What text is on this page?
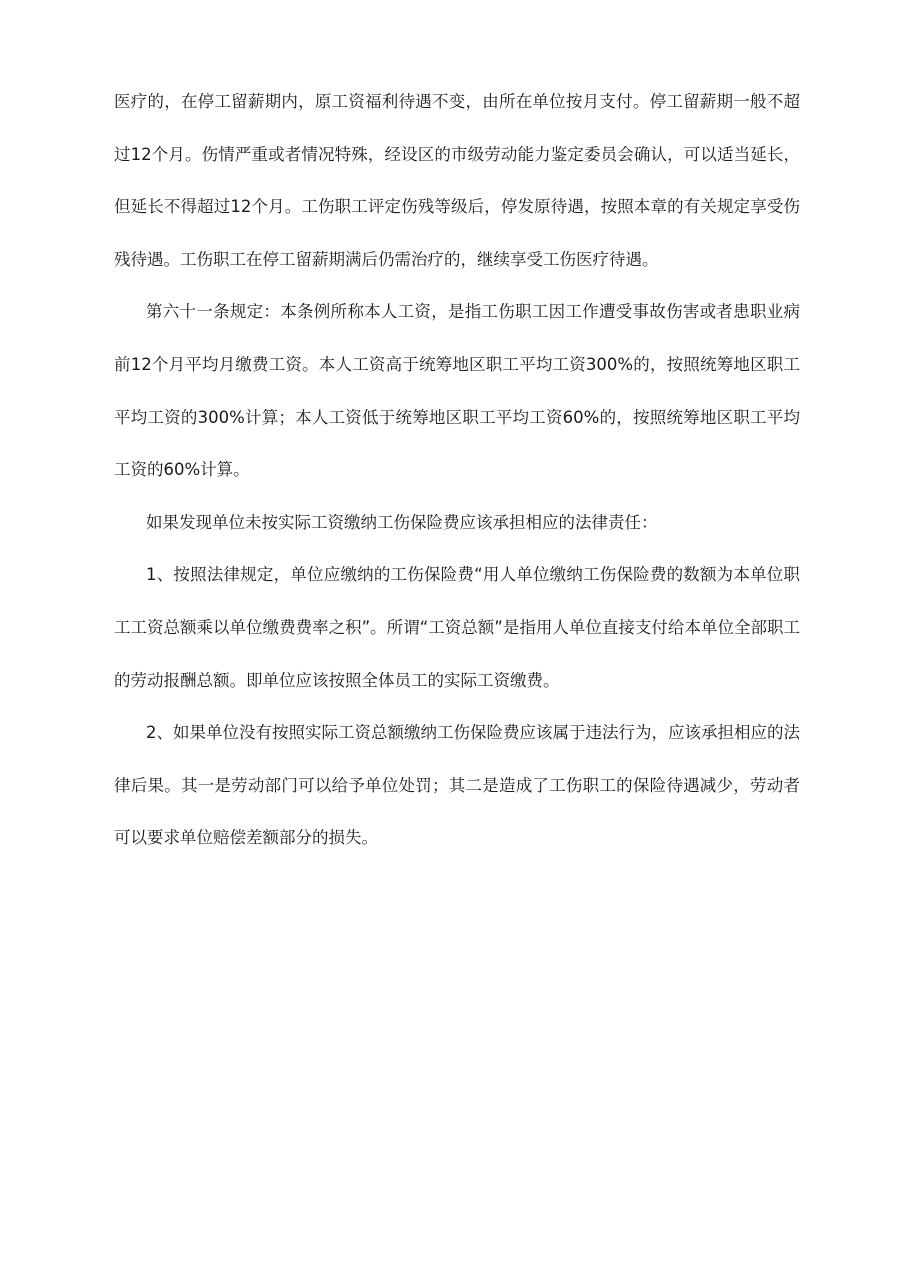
医疗的，在停工留薪期内，原工资福利待遇不变，由所在单位按月支付。停工留薪期一般不超过12个月。伤情严重或者情况特殊，经设区的市级劳动能力鉴定委员会确认，可以适当延长，但延长不得超过12个月。工伤职工评定伤残等级后，停发原待遇，按照本章的有关规定享受伤残待遇。工伤职工在停工留薪期满后仍需治疗的，继续享受工伤医疗待遇。

第六十一条规定：本条例所称本人工资，是指工伤职工因工作遭受事故伤害或者患职业病前12个月平均月缴费工资。本人工资高于统筹地区职工平均工资300%的，按照统筹地区职工平均工资的300%计算；本人工资低于统筹地区职工平均工资60%的，按照统筹地区职工平均工资的60%计算。

如果发现单位未按实际工资缴纳工伤保险费应该承担相应的法律责任：

1、按照法律规定，单位应缴纳的工伤保险费“用人单位缴纳工伤保险费的数额为本单位职工工资总额乘以单位缴费费率之积”。所谓“工资总额”是指用人单位直接支付给本单位全部职工的劳动报酬总额。即单位应该按照全体员工的实际工资缴费。

2、如果单位没有按照实际工资总额缴纳工伤保险费应该属于违法行为，应该承担相应的法律后果。其一是劳动部门可以给予单位处罚；其二是造成了工伤职工的保险待遇减少，劳动者可以要求单位赔偿差额部分的损失。
